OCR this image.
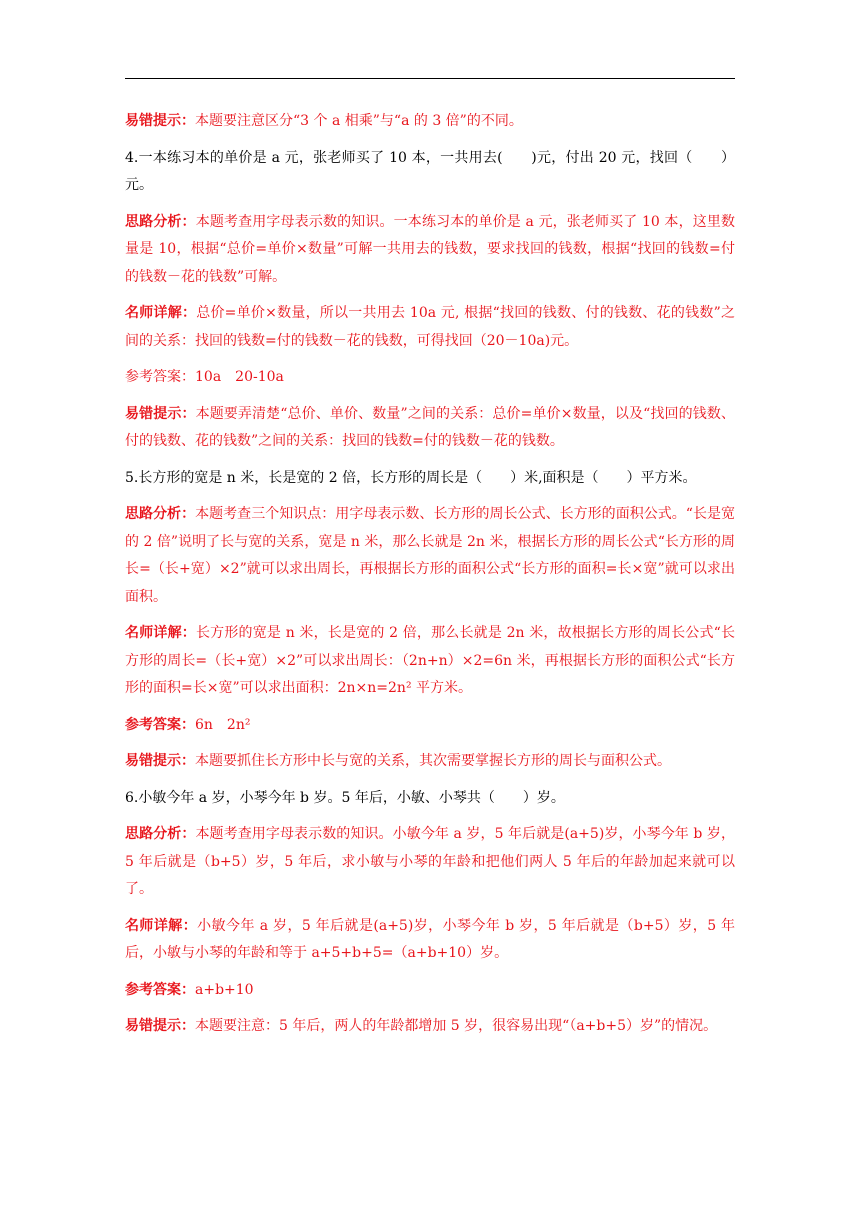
易错提示：本题要注意区分“3 个 a 相乘”与“a 的 3 倍”的不同。

4.一本练习本的单价是 a 元，张老师买了 10 本，一共用去(　　)元，付出 20 元，找回（　　）元。

思路分析：本题考查用字母表示数的知识。一本练习本的单价是 a 元，张老师买了 10 本，这里数量是 10，根据“总价=单价×数量”可解一共用去的钱数，要求找回的钱数，根据“找回的钱数=付的钱数－花的钱数”可解。

名师详解：总价=单价×数量，所以一共用去 10a 元, 根据“找回的钱数、付的钱数、花的钱数”之间的关系：找回的钱数=付的钱数－花的钱数，可得找回（20－10a)元。

参考答案：10a　20-10a

易错提示：本题要弄清楚“总价、单价、数量”之间的关系：总价=单价×数量，以及“找回的钱数、付的钱数、花的钱数”之间的关系：找回的钱数=付的钱数－花的钱数。

5.长方形的宽是 n 米，长是宽的 2 倍，长方形的周长是（　　）米,面积是（　　）平方米。

思路分析：本题考查三个知识点：用字母表示数、长方形的周长公式、长方形的面积公式。“长是宽的 2 倍”说明了长与宽的关系，宽是 n 米，那么长就是 2n 米，根据长方形的周长公式“长方形的周长=（长+宽）×2”就可以求出周长，再根据长方形的面积公式“长方形的面积=长×宽”就可以求出面积。

名师详解：长方形的宽是 n 米，长是宽的 2 倍，那么长就是 2n 米，故根据长方形的周长公式“长方形的周长=（长+宽）×2”可以求出周长：（2n+n）×2=6n 米，再根据长方形的面积公式“长方形的面积=长×宽”可以求出面积：2n×n=2n² 平方米。

参考答案：6n　2n²

易错提示：本题要抓住长方形中长与宽的关系，其次需要掌握长方形的周长与面积公式。

6.小敏今年 a 岁，小琴今年 b 岁。5 年后，小敏、小琴共（　　）岁。

思路分析：本题考查用字母表示数的知识。小敏今年 a 岁，5 年后就是(a+5)岁，小琴今年 b 岁，5 年后就是（b+5）岁，5 年后，求小敏与小琴的年龄和把他们两人 5 年后的年龄加起来就可以了。

名师详解：小敏今年 a 岁，5 年后就是(a+5)岁，小琴今年 b 岁，5 年后就是（b+5）岁，5 年后，小敏与小琴的年龄和等于 a+5+b+5=（a+b+10）岁。

参考答案：a+b+10

易错提示：本题要注意：5 年后，两人的年龄都增加 5 岁，很容易出现“（a+b+5）岁”的情况。
